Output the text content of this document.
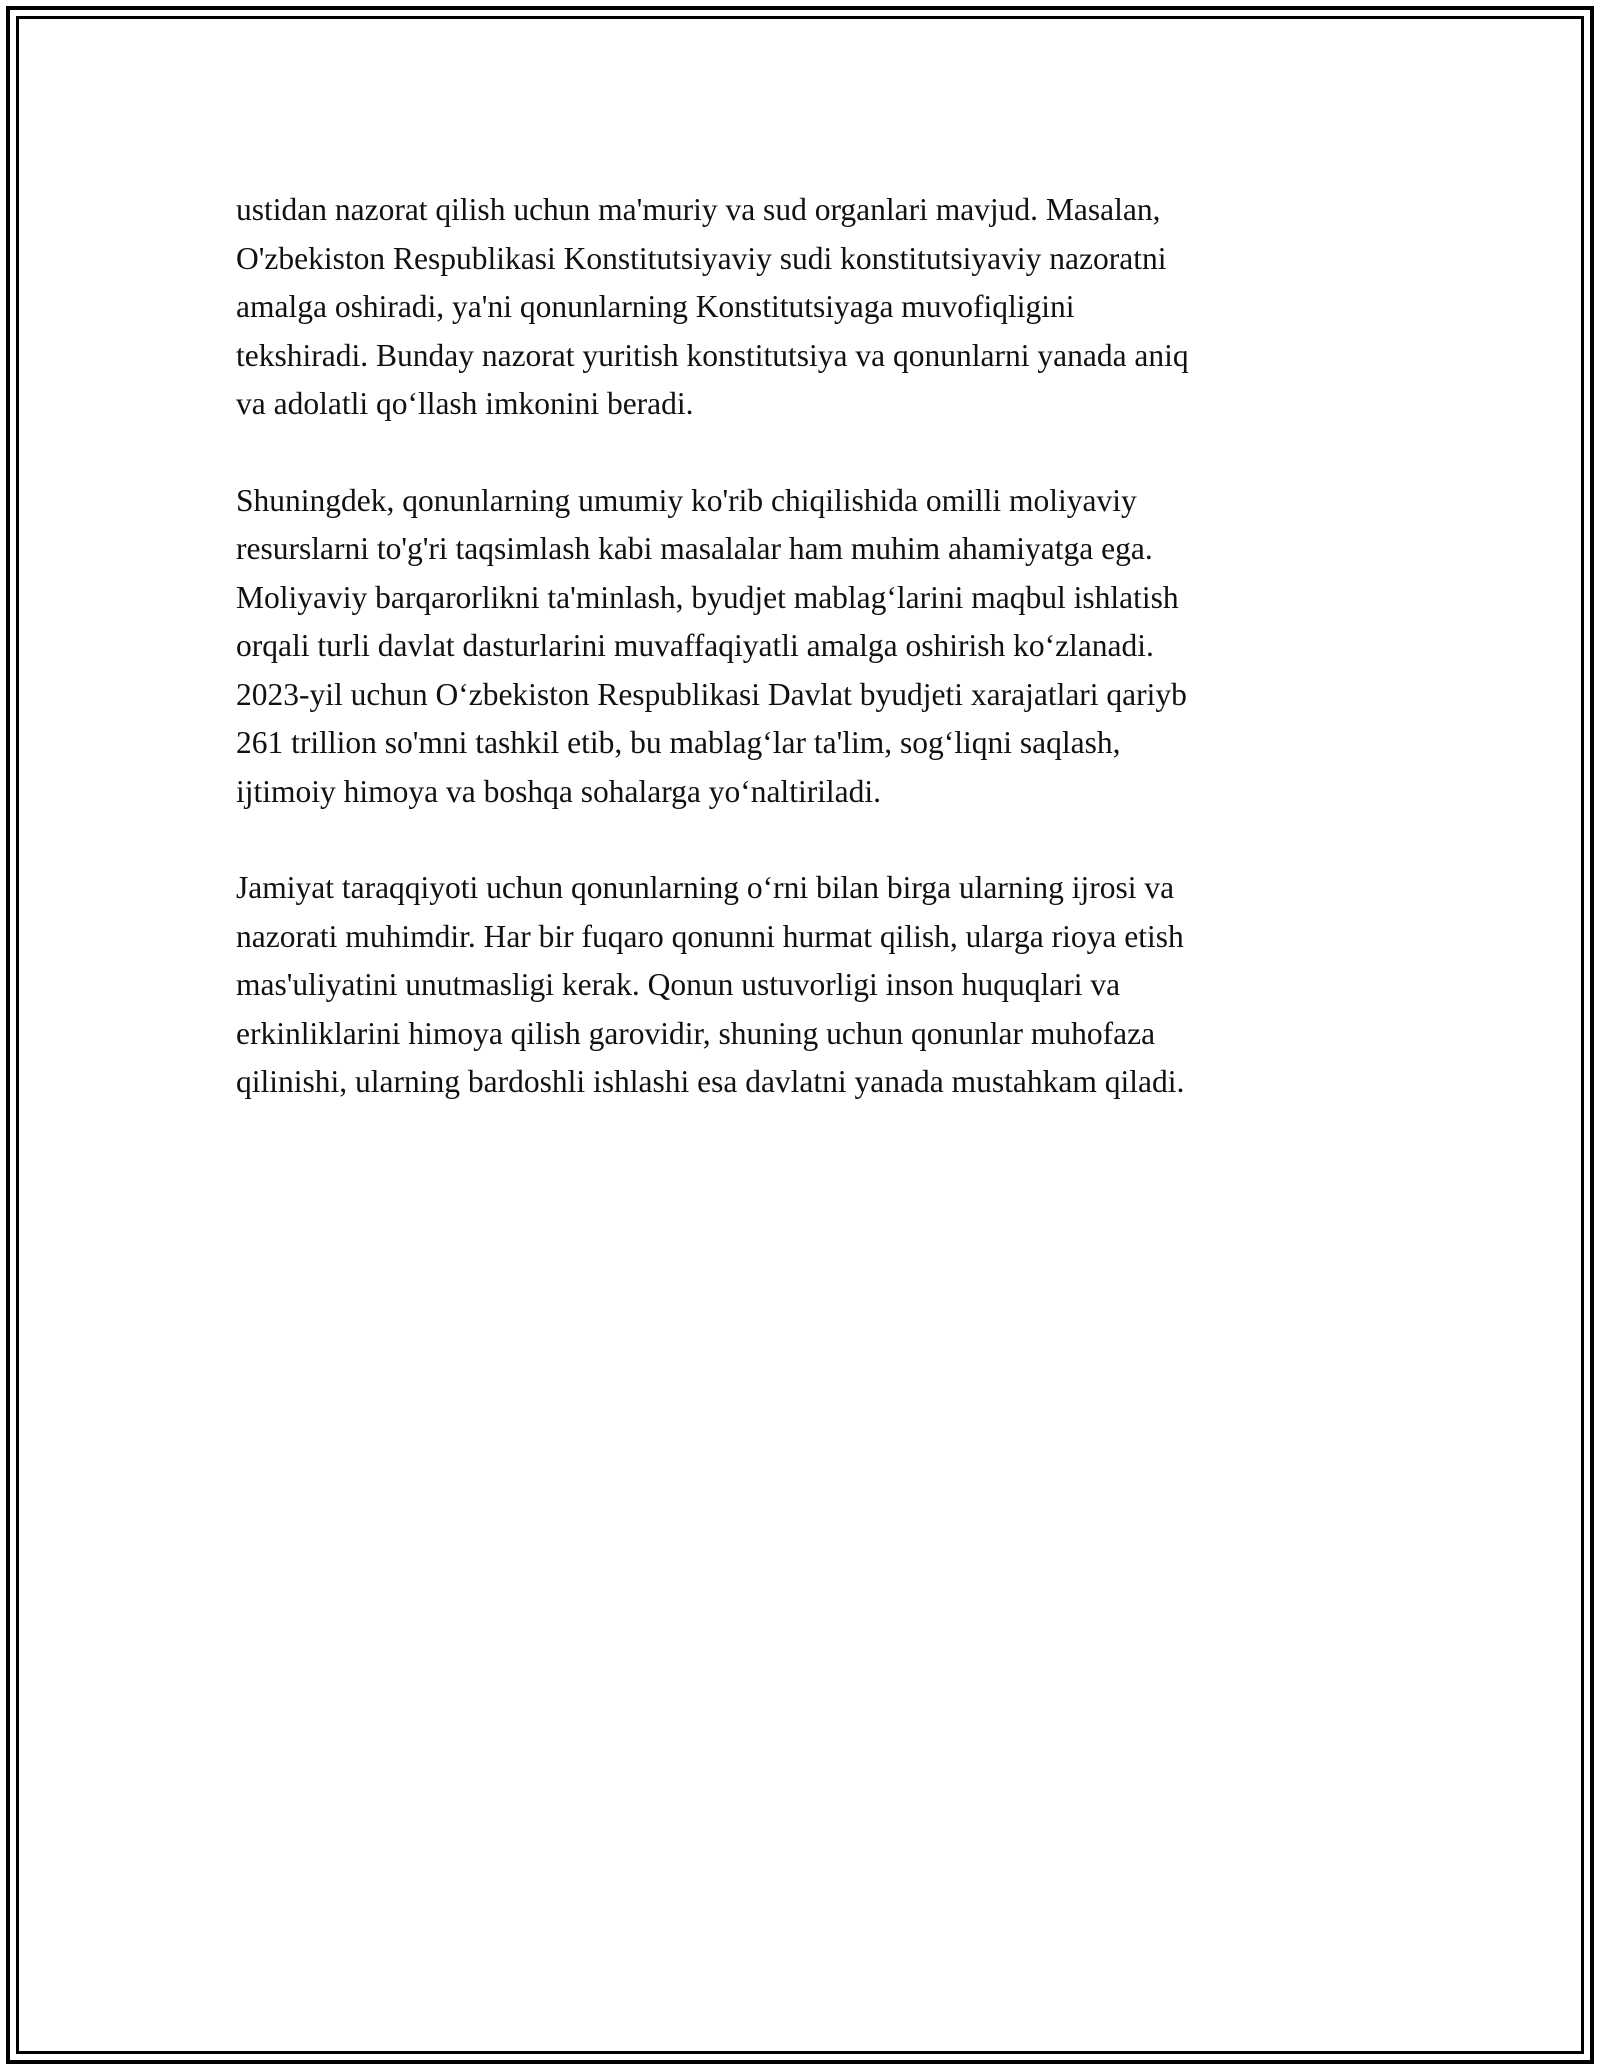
ustidan nazorat qilish uchun ma'muriy va sud organlari mavjud. Masalan,
O'zbekiston Respublikasi Konstitutsiyaviy sudi konstitutsiyaviy nazoratni
amalga oshiradi, ya'ni qonunlarning Konstitutsiyaga muvofiqligini
tekshiradi. Bunday nazorat yuritish konstitutsiya va qonunlarni yanada aniq
va adolatli qo‘llash imkonini beradi.

Shuningdek, qonunlarning umumiy ko'rib chiqilishida omilli moliyaviy
resurslarni to'g'ri taqsimlash kabi masalalar ham muhim ahamiyatga ega.
Moliyaviy barqarorlikni ta'minlash, byudjet mablag‘larini maqbul ishlatish
orqali turli davlat dasturlarini muvaffaqiyatli amalga oshirish ko‘zlanadi.
2023-yil uchun O‘zbekiston Respublikasi Davlat byudjeti xarajatlari qariyb
261 trillion so'mni tashkil etib, bu mablag‘lar ta'lim, sog‘liqni saqlash,
ijtimoiy himoya va boshqa sohalarga yo‘naltiriladi.

Jamiyat taraqqiyoti uchun qonunlarning o‘rni bilan birga ularning ijrosi va
nazorati muhimdir. Har bir fuqaro qonunni hurmat qilish, ularga rioya etish
mas'uliyatini unutmasligi kerak. Qonun ustuvorligi inson huquqlari va
erkinliklarini himoya qilish garovidir, shuning uchun qonunlar muhofaza
qilinishi, ularning bardoshli ishlashi esa davlatni yanada mustahkam qiladi.
